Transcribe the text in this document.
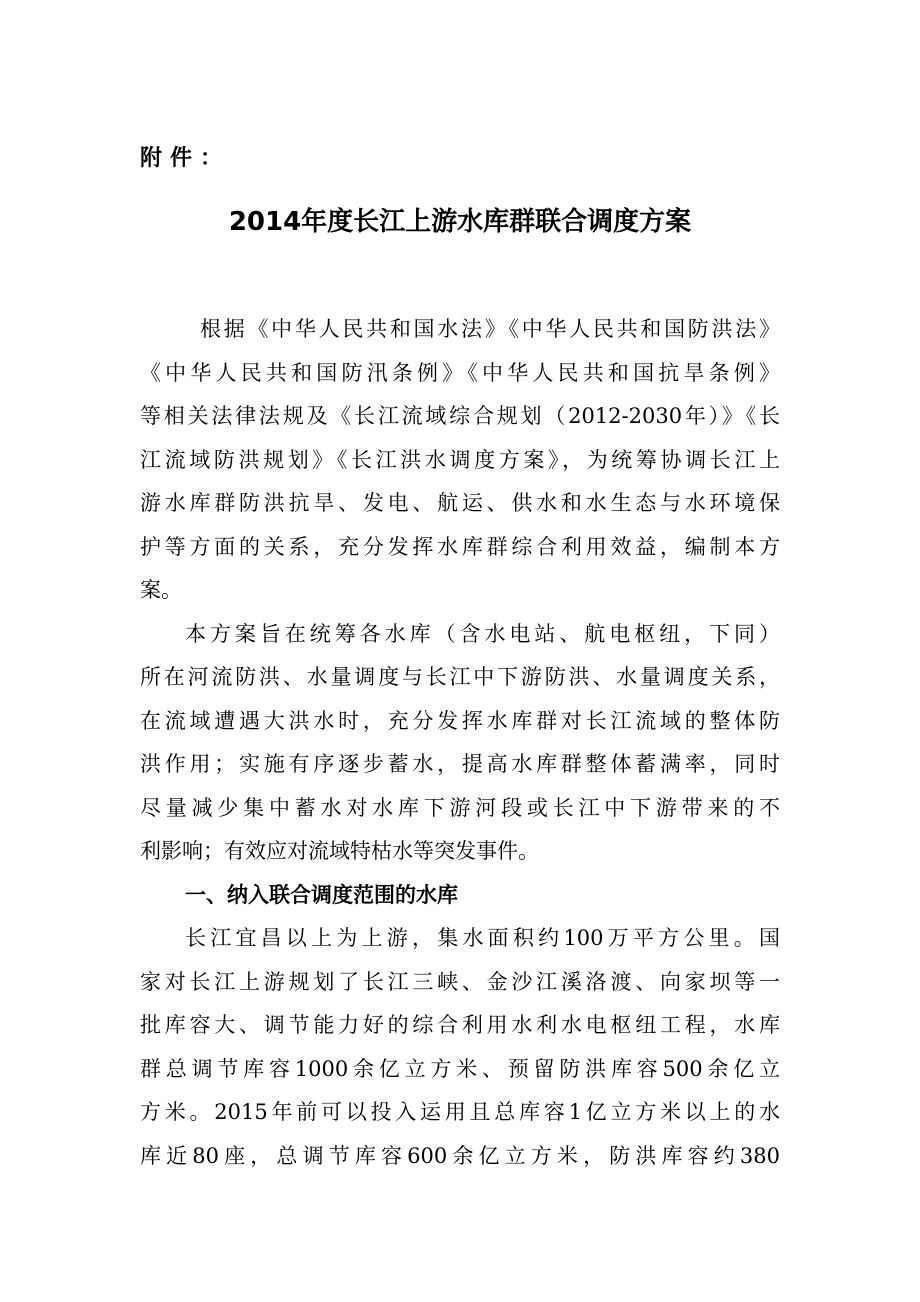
附件：
2014年度长江上游水库群联合调度方案
根据《中华人民共和国水法》《中华人民共和国防洪法》
《中华人民共和国防汛条例》《中华人民共和国抗旱条例》
等相关法律法规及《长江流域综合规划（2012-2030年）》《长
江流域防洪规划》《长江洪水调度方案》，为统筹协调长江上
游水库群防洪抗旱、发电、航运、供水和水生态与水环境保
护等方面的关系，充分发挥水库群综合利用效益，编制本方
案。
本方案旨在统筹各水库（含水电站、航电枢纽，下同）
所在河流防洪、水量调度与长江中下游防洪、水量调度关系，
在流域遭遇大洪水时，充分发挥水库群对长江流域的整体防
洪作用；实施有序逐步蓄水，提高水库群整体蓄满率，同时
尽量减少集中蓄水对水库下游河段或长江中下游带来的不
利影响；有效应对流域特枯水等突发事件。
一、纳入联合调度范围的水库
长江宜昌以上为上游，集水面积约100万平方公里。国
家对长江上游规划了长江三峡、金沙江溪洛渡、向家坝等一
批库容大、调节能力好的综合利用水利水电枢纽工程，水库
群总调节库容1000余亿立方米、预留防洪库容500余亿立
方米。2015年前可以投入运用且总库容1亿立方米以上的水
库近80座，总调节库容600余亿立方米，防洪库容约380
